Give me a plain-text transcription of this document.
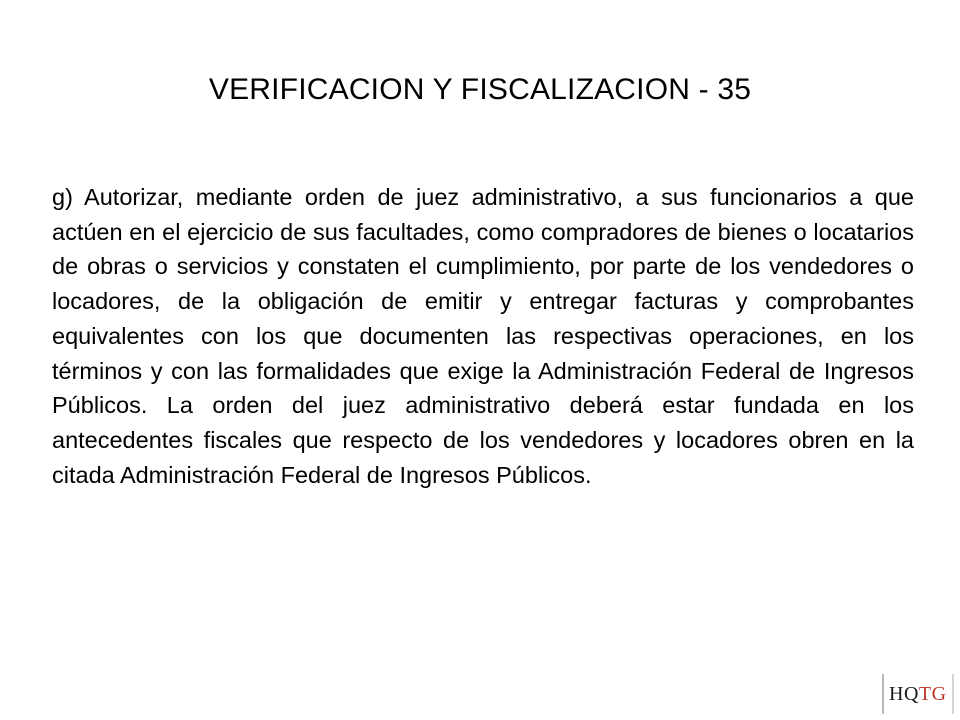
VERIFICACION Y FISCALIZACION - 35

g) Autorizar, mediante orden de juez administrativo, a sus funcionarios a que actúen en el ejercicio de sus facultades, como compradores de bienes o locatarios de obras o servicios y constaten el cumplimiento, por parte de los vendedores o locadores, de la obligación de emitir y entregar facturas y comprobantes equivalentes con los que documenten las respectivas operaciones, en los términos y con las formalidades que exige la Administración Federal de Ingresos Públicos. La orden del juez administrativo deberá estar fundada en los antecedentes fiscales que respecto de los vendedores y locadores obren en la citada Administración Federal de Ingresos Públicos.

HQTG
